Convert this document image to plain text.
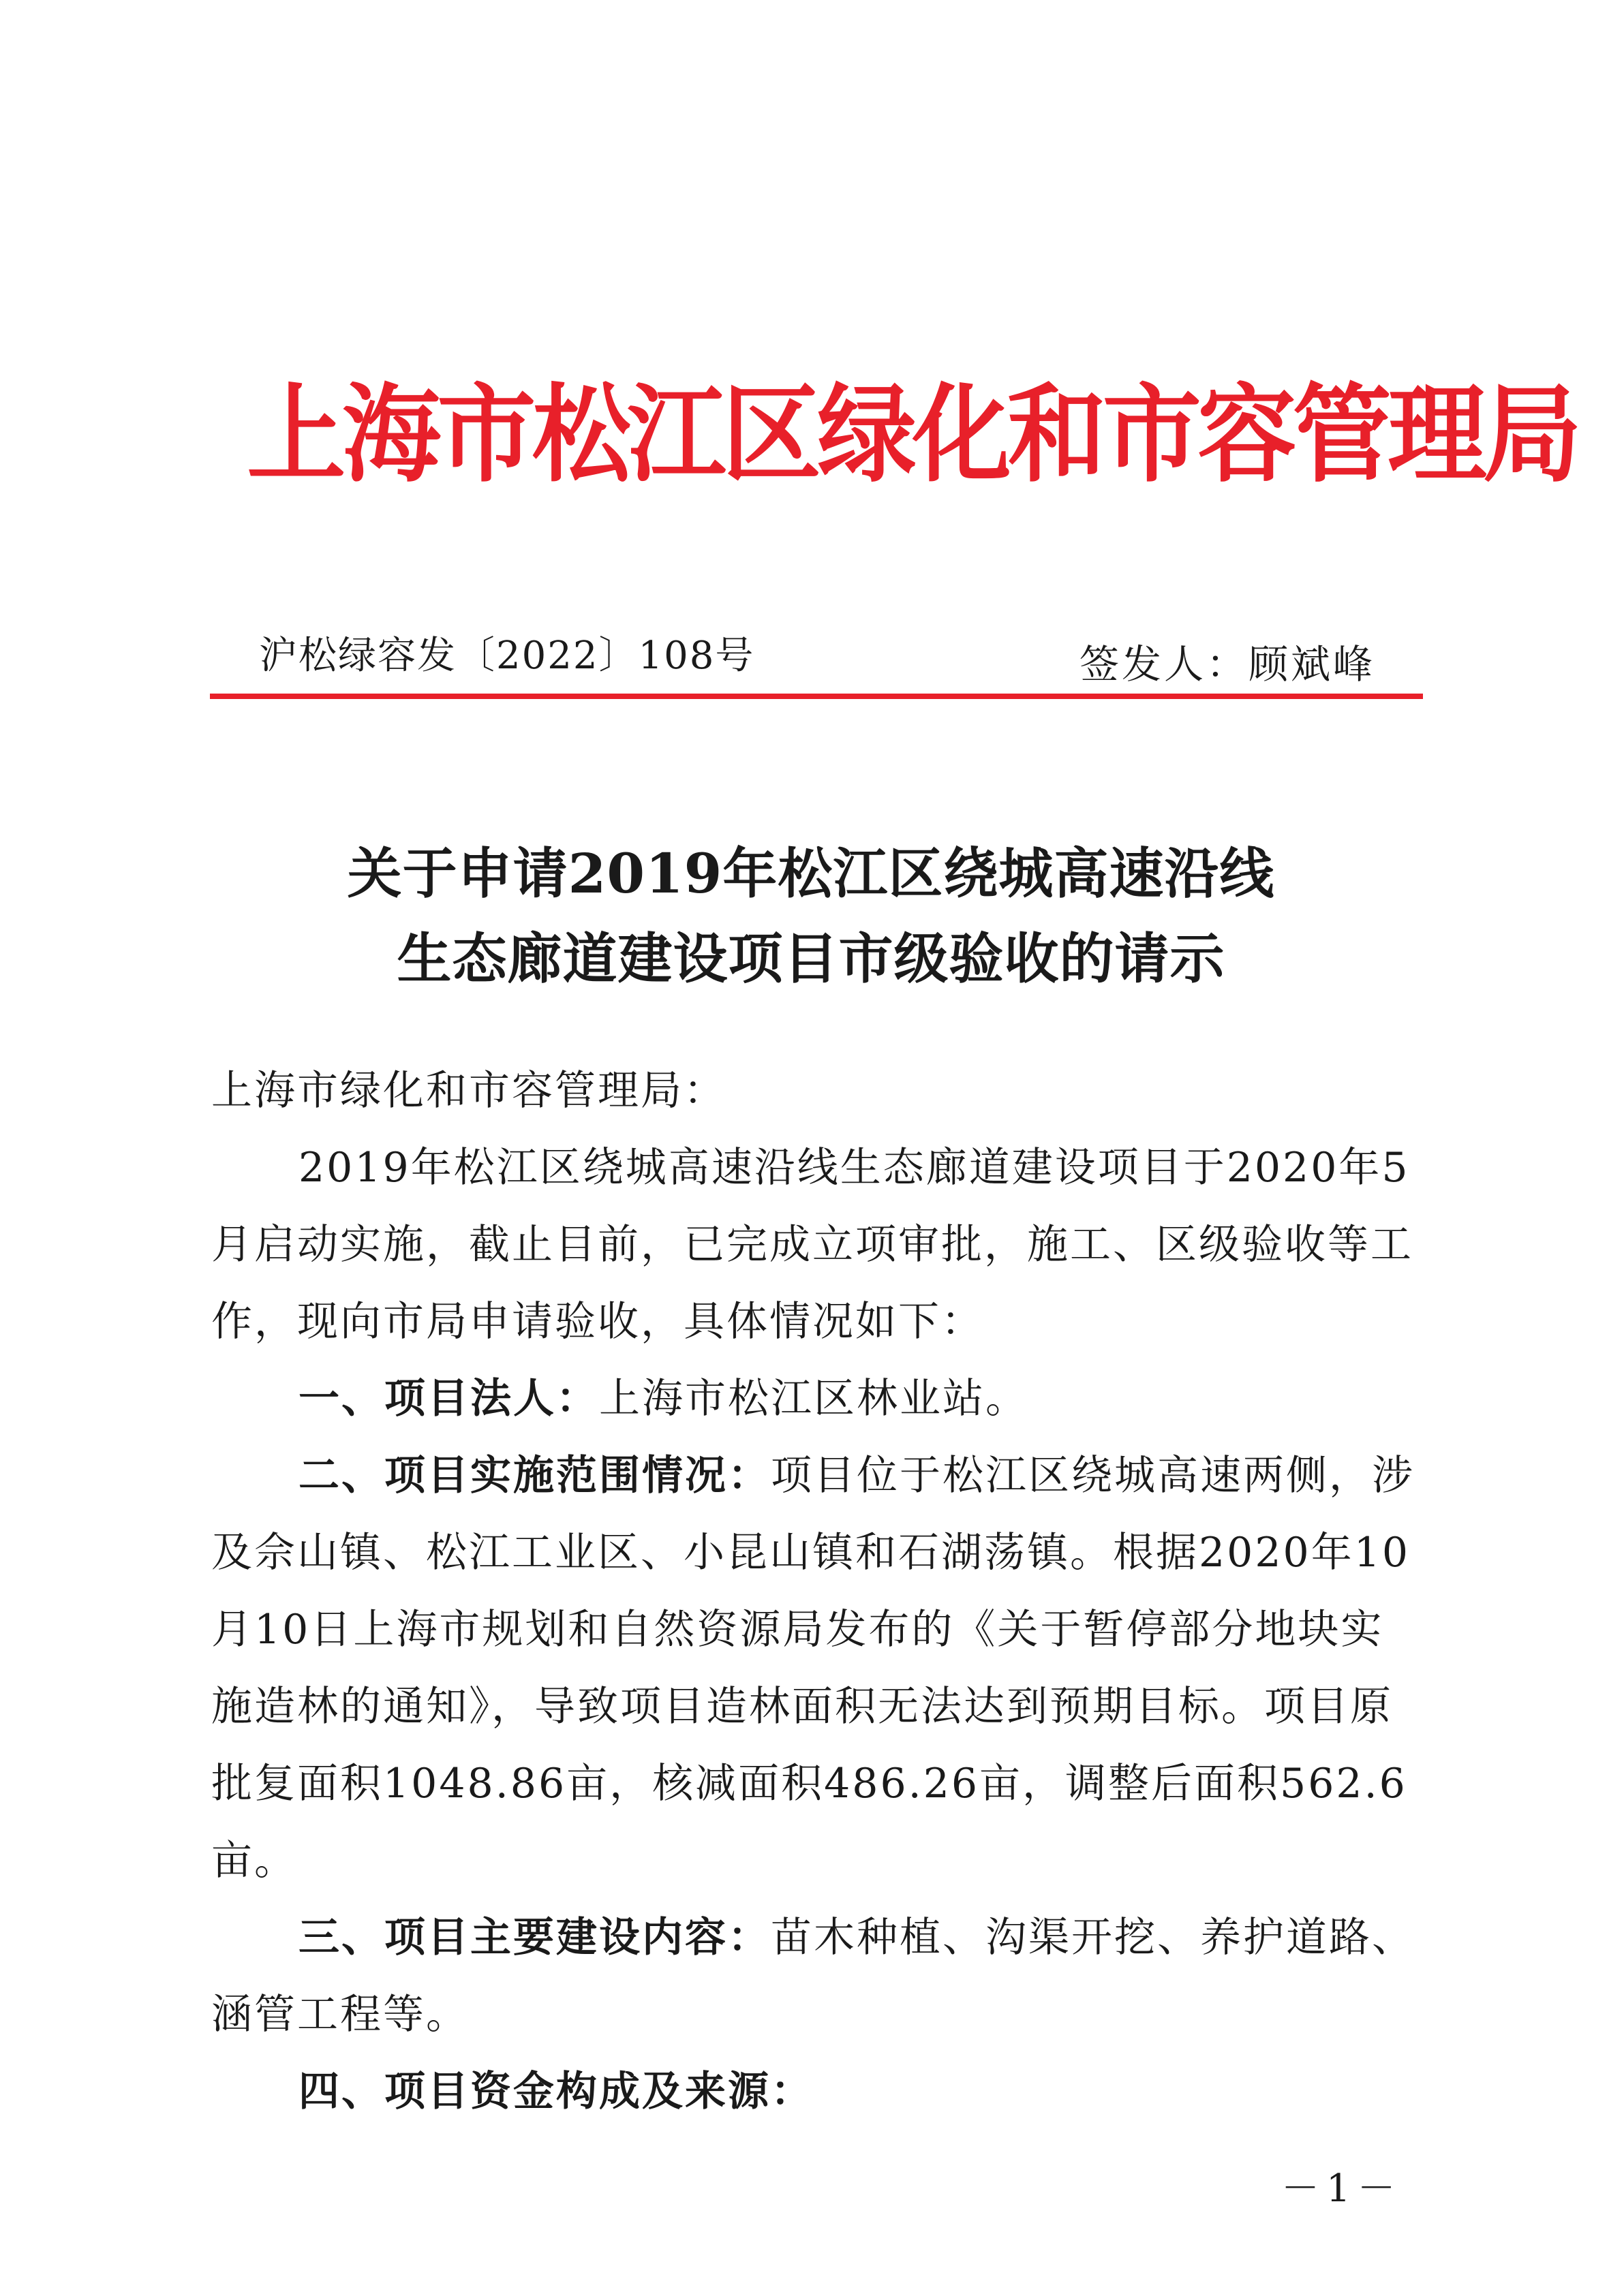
上海市松江区绿化和市容管理局
沪松绿容发〔2022〕108号	签发人：顾斌峰
关于申请2019年松江区绕城高速沿线
生态廊道建设项目市级验收的请示

上海市绿化和市容管理局：

2019年松江区绕城高速沿线生态廊道建设项目于2020年5月启动实施，截止目前，已完成立项审批，施工、区级验收等工作，现向市局申请验收，具体情况如下：

一、项目法人：上海市松江区林业站。

二、项目实施范围情况：项目位于松江区绕城高速两侧，涉及佘山镇、松江工业区、小昆山镇和石湖荡镇。根据2020年10月10日上海市规划和自然资源局发布的《关于暂停部分地块实施造林的通知》，导致项目造林面积无法达到预期目标。项目原批复面积1048.86亩，核减面积486.26亩，调整后面积562.6亩。

三、项目主要建设内容：苗木种植、沟渠开挖、养护道路、涵管工程等。

四、项目资金构成及来源：

－1－
